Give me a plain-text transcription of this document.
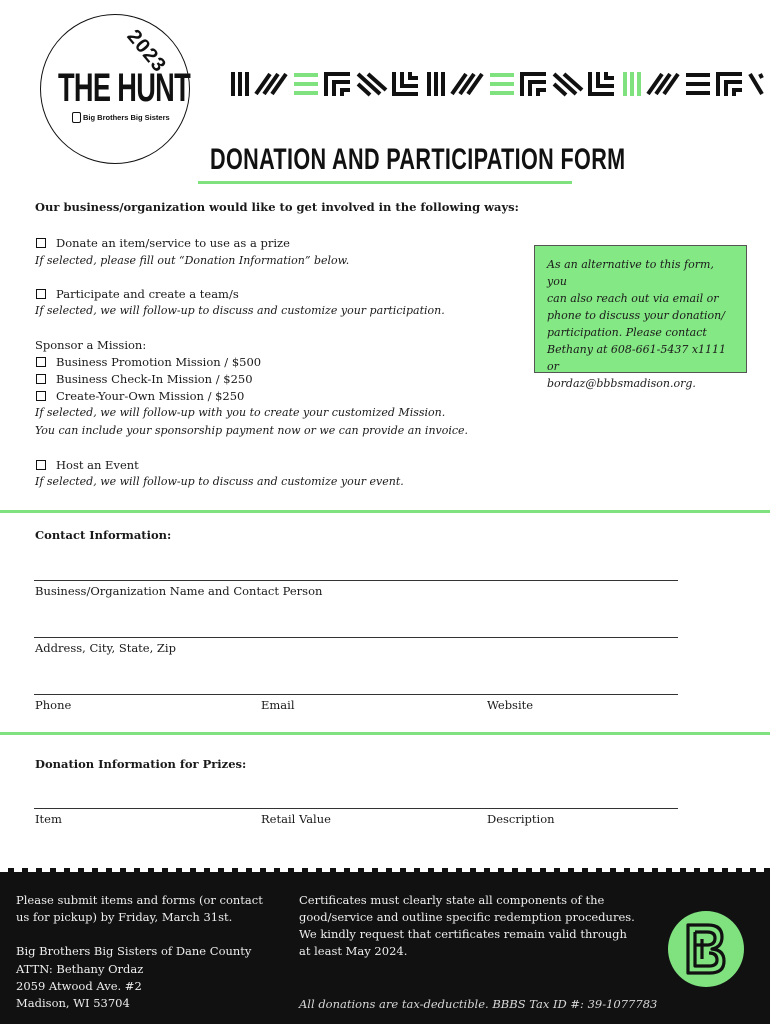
2023
THE HUNT
Big Brothers Big Sisters
DONATION AND PARTICIPATION FORM
Our business/organization would like to get involved in the following ways:
Donate an item/service to use as a prize
If selected, please fill out “Donation Information” below.
Participate and create a team/s
If selected, we will follow-up to discuss and customize your participation.
Sponsor a Mission:
Business Promotion Mission / $500
Business Check-In Mission / $250
Create-Your-Own Mission / $250
If selected, we will follow-up with you to create your customized Mission.
You can include your sponsorship payment now or we can provide an invoice.
Host an Event
If selected, we will follow-up to discuss and customize your event.
As an alternative to this form, you
can also reach out via email or
phone to discuss your donation/
participation. Please contact
Bethany at 608-661-5437 x1111 or
bordaz@bbbsmadison.org.
Contact Information:
Business/Organization Name and Contact Person
Address, City, State, Zip
Phone	Email	Website
Donation Information for Prizes:
Item	Retail Value	Description
Please submit items and forms (or contact
us for pickup) by Friday, March 31st.
Big Brothers Big Sisters of Dane County
ATTN: Bethany Ordaz
2059 Atwood Ave. #2
Madison, WI 53704
Certificates must clearly state all components of the
good/service and outline specific redemption procedures.
We kindly request that certificates remain valid through
at least May 2024.
All donations are tax-deductible. BBBS Tax ID #: 39-1077783
